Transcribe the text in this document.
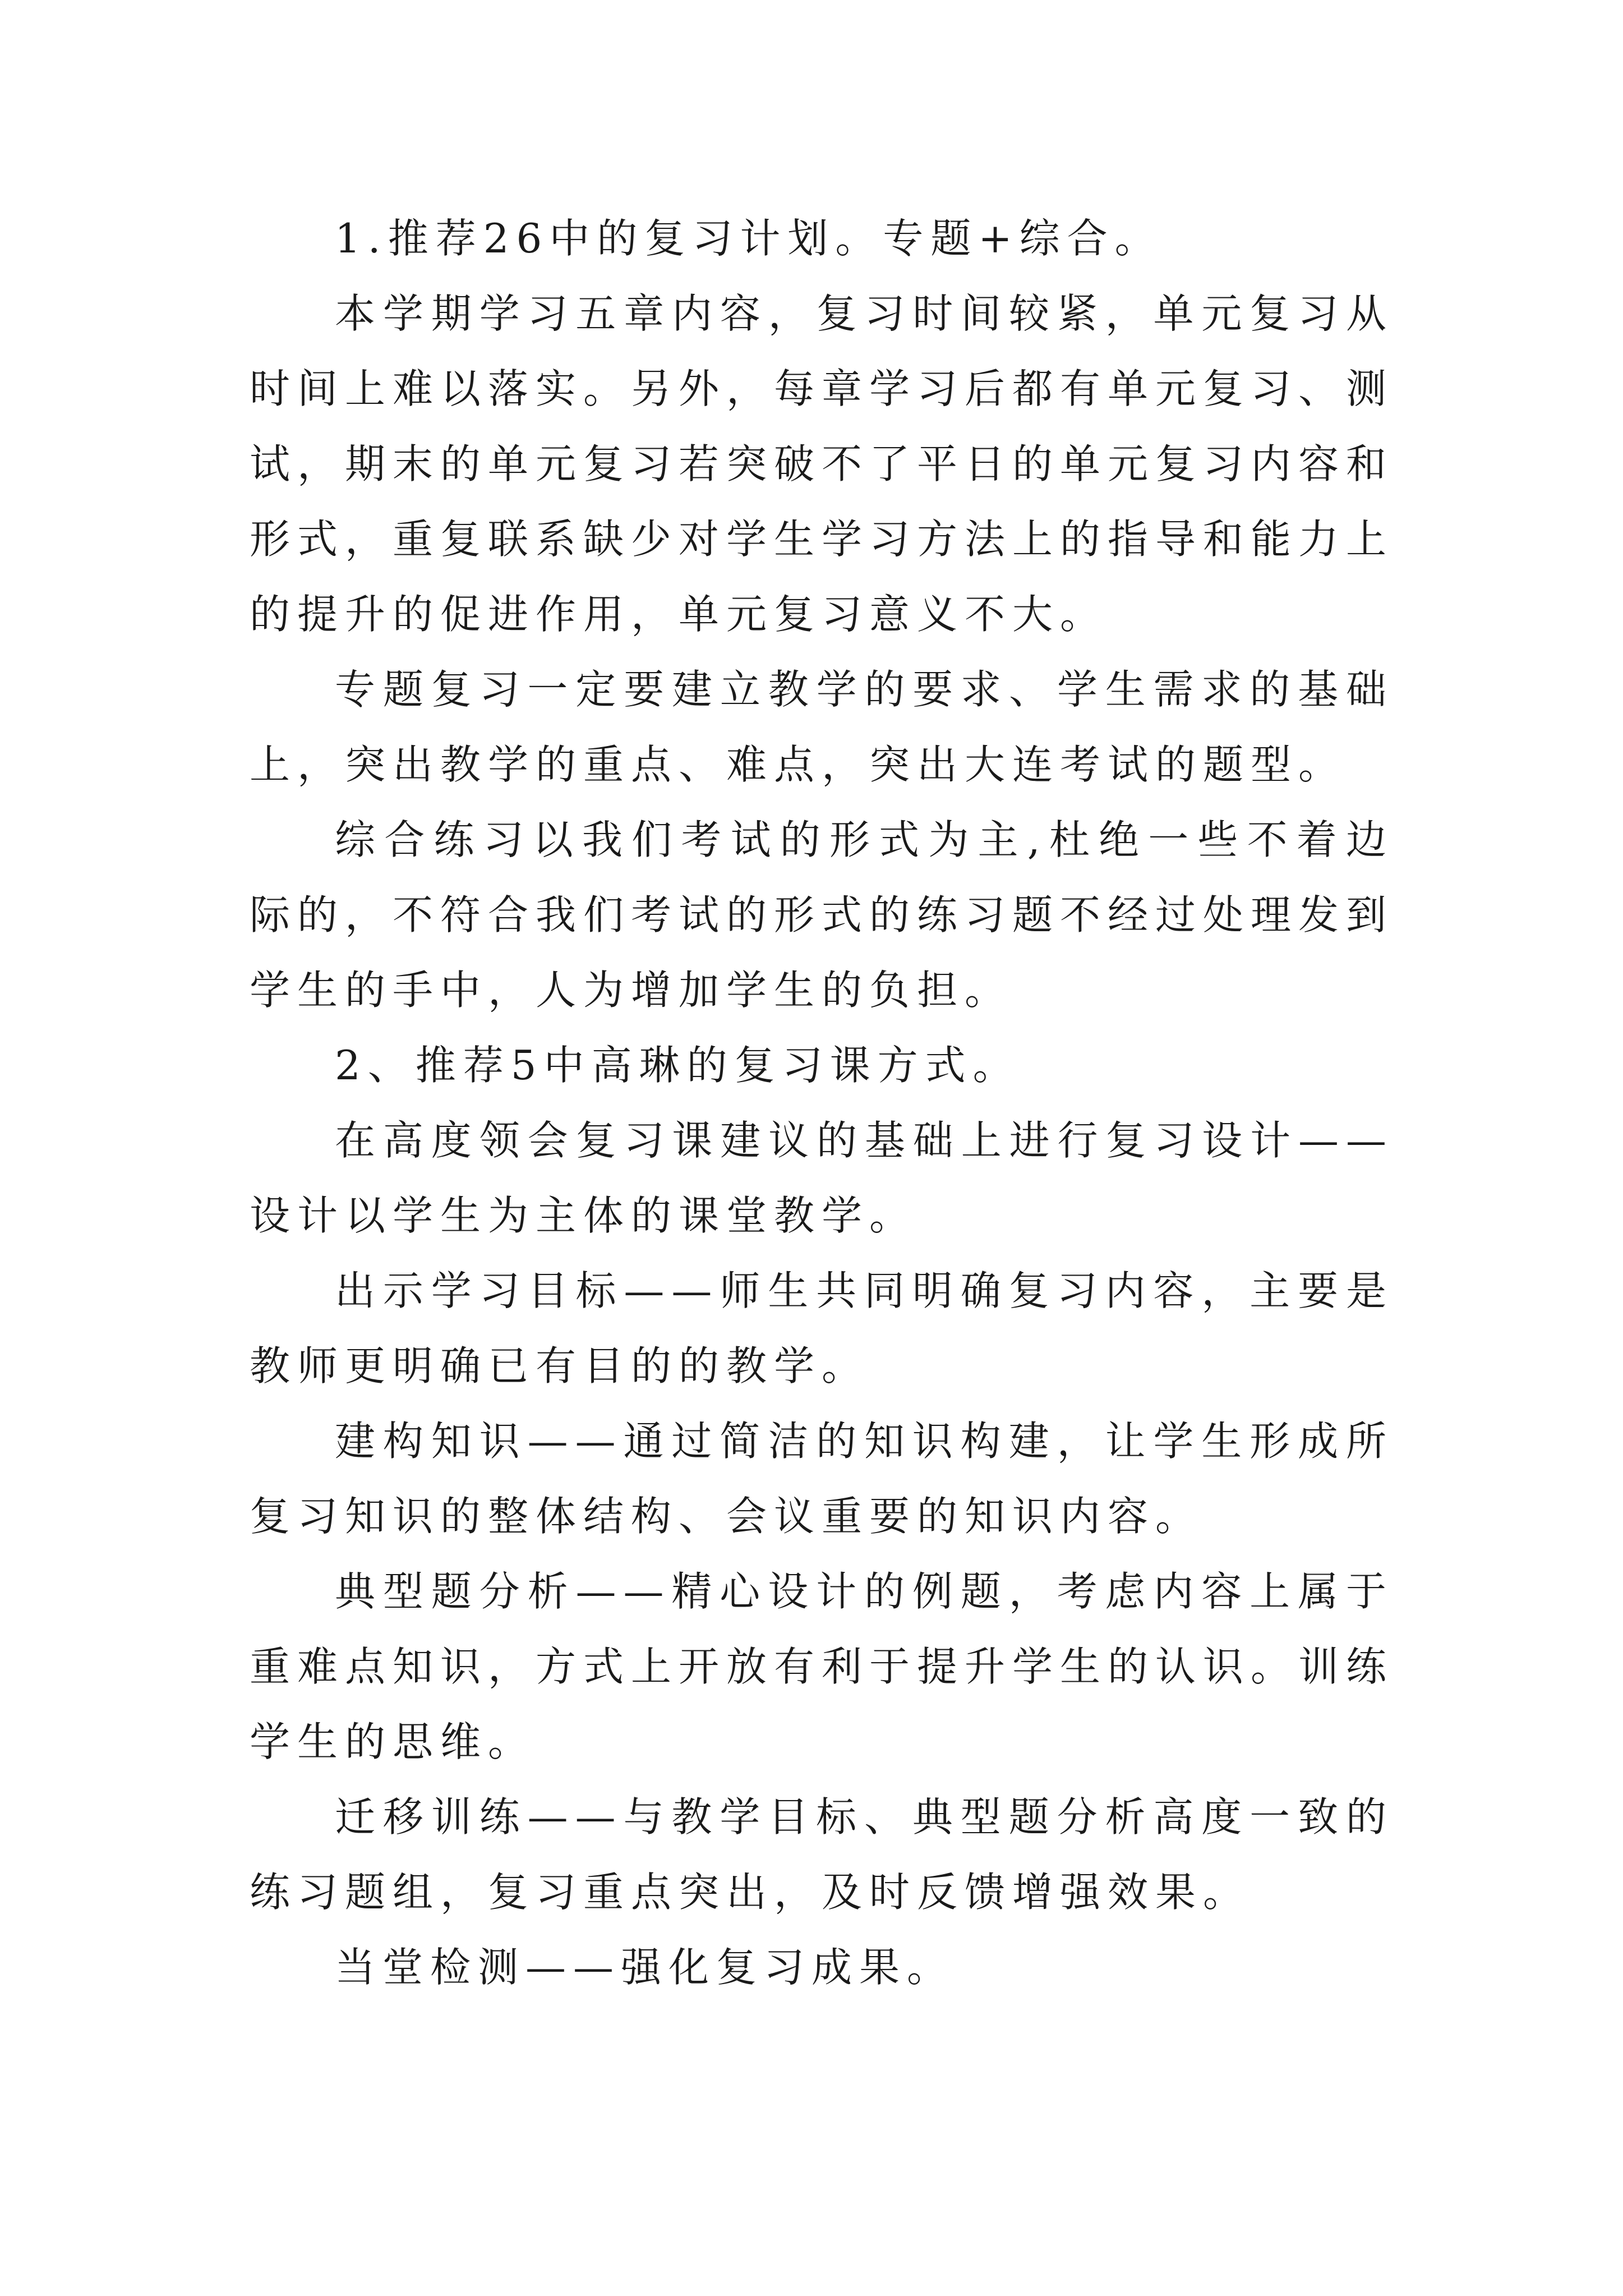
1.推荐26中的复习计划。专题+综合。

本学期学习五章内容，复习时间较紧，单元复习从时间上难以落实。另外，每章学习后都有单元复习、测试，期末的单元复习若突破不了平日的单元复习内容和形式，重复联系缺少对学生学习方法上的指导和能力上的提升的促进作用，单元复习意义不大。

专题复习一定要建立教学的要求、学生需求的基础上，突出教学的重点、难点，突出大连考试的题型。

综合练习以我们考试的形式为主,杜绝一些不着边际的，不符合我们考试的形式的练习题不经过处理发到学生的手中，人为增加学生的负担。

2、推荐5中高琳的复习课方式。

在高度领会复习课建议的基础上进行复习设计——设计以学生为主体的课堂教学。

出示学习目标——师生共同明确复习内容，主要是教师更明确已有目的的教学。

建构知识——通过简洁的知识构建，让学生形成所复习知识的整体结构、会议重要的知识内容。

典型题分析——精心设计的例题，考虑内容上属于重难点知识，方式上开放有利于提升学生的认识。训练学生的思维。

迁移训练——与教学目标、典型题分析高度一致的练习题组，复习重点突出，及时反馈增强效果。

当堂检测——强化复习成果。
